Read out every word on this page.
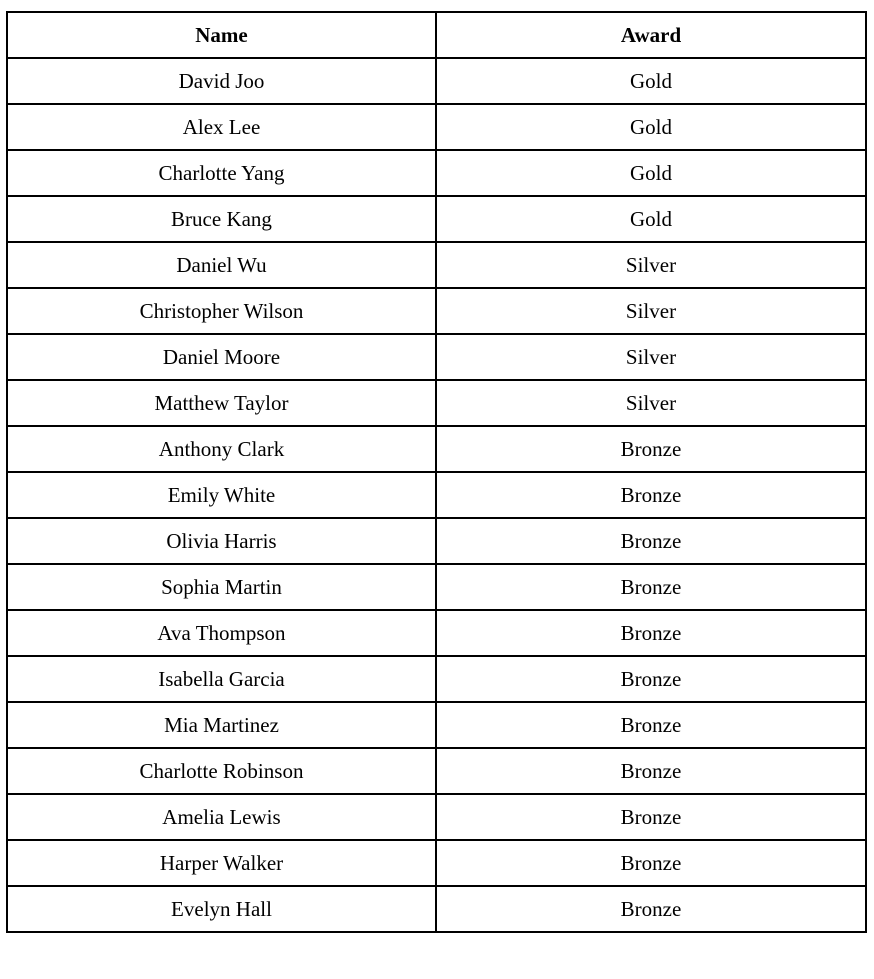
Name	Award
David Joo	Gold
Alex Lee	Gold
Charlotte Yang	Gold
Bruce Kang	Gold
Daniel Wu	Silver
Christopher Wilson	Silver
Daniel Moore	Silver
Matthew Taylor	Silver
Anthony Clark	Bronze
Emily White	Bronze
Olivia Harris	Bronze
Sophia Martin	Bronze
Ava Thompson	Bronze
Isabella Garcia	Bronze
Mia Martinez	Bronze
Charlotte Robinson	Bronze
Amelia Lewis	Bronze
Harper Walker	Bronze
Evelyn Hall	Bronze
